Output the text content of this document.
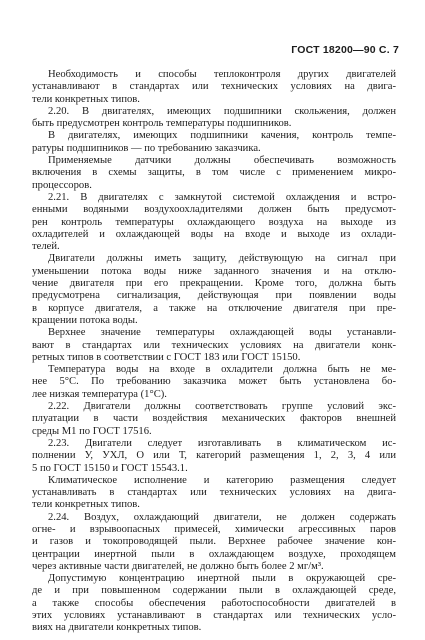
ГОСТ 18200—90 С. 7
Необходимость и способы теплоконтроля других двигателей
устанавливают в стандартах или технических условиях на двига-
тели конкретных типов.
2.20. В двигателях, имеющих подшипники скольжения, должен
быть предусмотрен контроль температуры подшипников.
В двигателях, имеющих подшипники качения, контроль темпе-
ратуры подшипников — по требованию заказчика.
Применяемые датчики должны обеспечивать возможность
включения в схемы защиты, в том числе с применением микро-
процессоров.
2.21. В двигателях с замкнутой системой охлаждения и встро-
енными водяными воздухоохладителями должен быть предусмот-
рен контроль температуры охлаждающего воздуха на выходе из
охладителей и охлаждающей воды на входе и выходе из охлади-
телей.
Двигатели должны иметь защиту, действующую на сигнал при
уменьшении потока воды ниже заданного значения и на отклю-
чение двигателя при его прекращении. Кроме того, должна быть
предусмотрена сигнализация, действующая при появлении воды
в корпусе двигателя, а также на отключение двигателя при пре-
кращении потока воды.
Верхнее значение температуры охлаждающей воды устанавли-
вают в стандартах или технических условиях на двигатели конк-
ретных типов в соответствии с ГОСТ 183 или ГОСТ 15150.
Температура воды на входе в охладители должна быть не ме-
нее 5°С. По требованию заказчика может быть установлена бо-
лее низкая температура (1°С).
2.22. Двигатели должны соответствовать группе условий экс-
плуатации в части воздействия механических факторов внешней
среды М1 по ГОСТ 17516.
2.23. Двигатели следует изготавливать в климатическом ис-
полнении У, УХЛ, О или Т, категорий размещения 1, 2, 3, 4 или
5 по ГОСТ 15150 и ГОСТ 15543.1.
Климатическое исполнение и категорию размещения следует
устанавливать в стандартах или технических условиях на двига-
тели конкретных типов.
2.24. Воздух, охлаждающий двигатели, не должен содержать
огне- и взрывоопасных примесей, химически агрессивных паров
и газов и токопроводящей пыли. Верхнее рабочее значение кон-
центрации инертной пыли в охлаждающем воздухе, проходящем
через активные части двигателей, не должно быть более 2 мг/м³.
Допустимую концентрацию инертной пыли в окружающей сре-
де и при повышенном содержании пыли в охлаждающей среде,
а также способы обеспечения работоспособности двигателей в
этих условиях устанавливают в стандартах или технических усло-
виях на двигатели конкретных типов.
